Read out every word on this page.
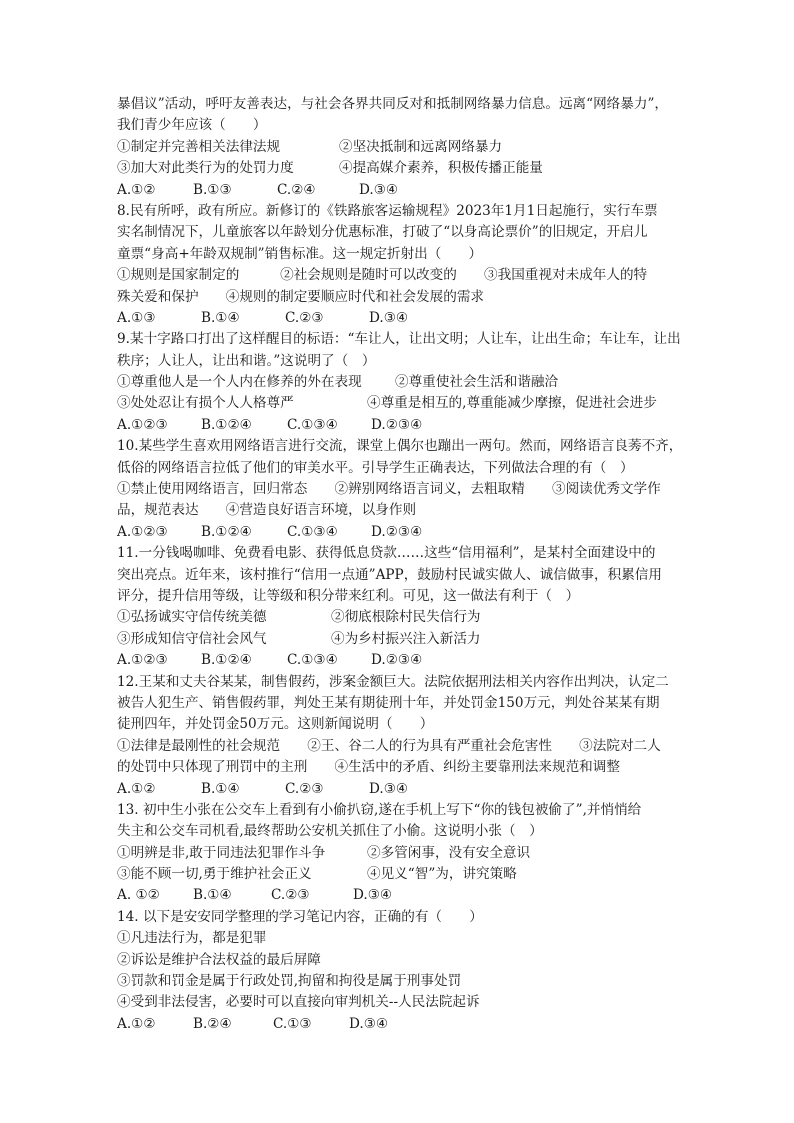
暴倡议”活动，呼吁友善表达，与社会各界共同反对和抵制网络暴力信息。远离“网络暴力”，
我们青少年应该（　　）
①制定并完善相关法律法规	②坚决抵制和远离网络暴力
③加大对此类行为的处罚力度	④提高媒介素养，积极传播正能量
A.①②	B.①③	C.②④	D.③④
8.民有所呼，政有所应。新修订的《铁路旅客运输规程》2023年1月1日起施行，实行车票
实名制情况下，儿童旅客以年龄划分优惠标准，打破了“以身高论票价”的旧规定，开启儿
童票“身高+年龄双规制”销售标准。这一规定折射出（　　）
①规则是国家制定的　　　②社会规则是随时可以改变的　　③我国重视对未成年人的特
殊关爱和保护　　④规则的制定要顺应时代和社会发展的需求
A.①③	B.①④	C.②③	D.③④
9.某十字路口打出了这样醒目的标语：“车让人，让出文明；人让车，让出生命；车让车，让出
秩序；人让人，让出和谐。”这说明了（　）
①尊重他人是一个人内在修养的外在表现 ②尊重使社会生活和谐融洽
③处处忍让有损个人人格尊严	④尊重是相互的,尊重能减少摩擦，促进社会进步
A.①②③ B.①②④	C.①③④ D.②③④
10.某些学生喜欢用网络语言进行交流，课堂上偶尔也蹦出一两句。然而，网络语言良莠不齐，
低俗的网络语言拉低了他们的审美水平。引导学生正确表达，下列做法合理的有（　）
①禁止使用网络语言，回归常态　　②辨别网络语言词义，去粗取精　　③阅读优秀文学作
品，规范表达　　④营造良好语言环境，以身作则
A.①②③ B.①②④	C.①③④ D.②③④
11.一分钱喝咖啡、免费看电影、获得低息贷款……这些“信用福利”，是某村全面建设中的
突出亮点。近年来，该村推行“信用一点通”APP，鼓励村民诚实做人、诚信做事，积累信用
评分，提升信用等级，让等级和积分带来红利。可见，这一做法有利于（　）
①弘扬诚实守信传统美德	②彻底根除村民失信行为
③形成知信守信社会风气	④为乡村振兴注入新活力
A.①②③ B.①②④	C.①③④ D.②③④
12.王某和丈夫谷某某，制售假药，涉案金额巨大。法院依据刑法相关内容作出判决，认定二
被告人犯生产、销售假药罪，判处王某有期徒刑十年，并处罚金150万元，判处谷某某有期
徒刑四年，并处罚金50万元。这则新闻说明（　　）
①法律是最刚性的社会规范　　②王、谷二人的行为具有严重社会危害性　　③法院对二人
的处罚中只体现了刑罚中的主刑　　④生活中的矛盾、纠纷主要靠刑法来规范和调整
A.①②	B.①④	C.②③	D.③④
13. 初中生小张在公交车上看到有小偷扒窃,遂在手机上写下“你的钱包被偷了”,并悄悄给
失主和公交车司机看,最终帮助公安机关抓住了小偷。这说明小张（　）
①明辨是非,敢于同违法犯罪作斗争	②多管闲事，没有安全意识
③能不顾一切,勇于维护社会正义	④见义“智”为，讲究策略
A. ①② B.①④	C.②③	D.③④
14. 以下是安安同学整理的学习笔记内容，正确的有（　　）
①凡违法行为，都是犯罪
②诉讼是维护合法权益的最后屏障
③罚款和罚金是属于行政处罚,拘留和拘役是属于刑事处罚
④受到非法侵害，必要时可以直接向审判机关--人民法院起诉
A.①②	B.②④	C.①③	D.③④
